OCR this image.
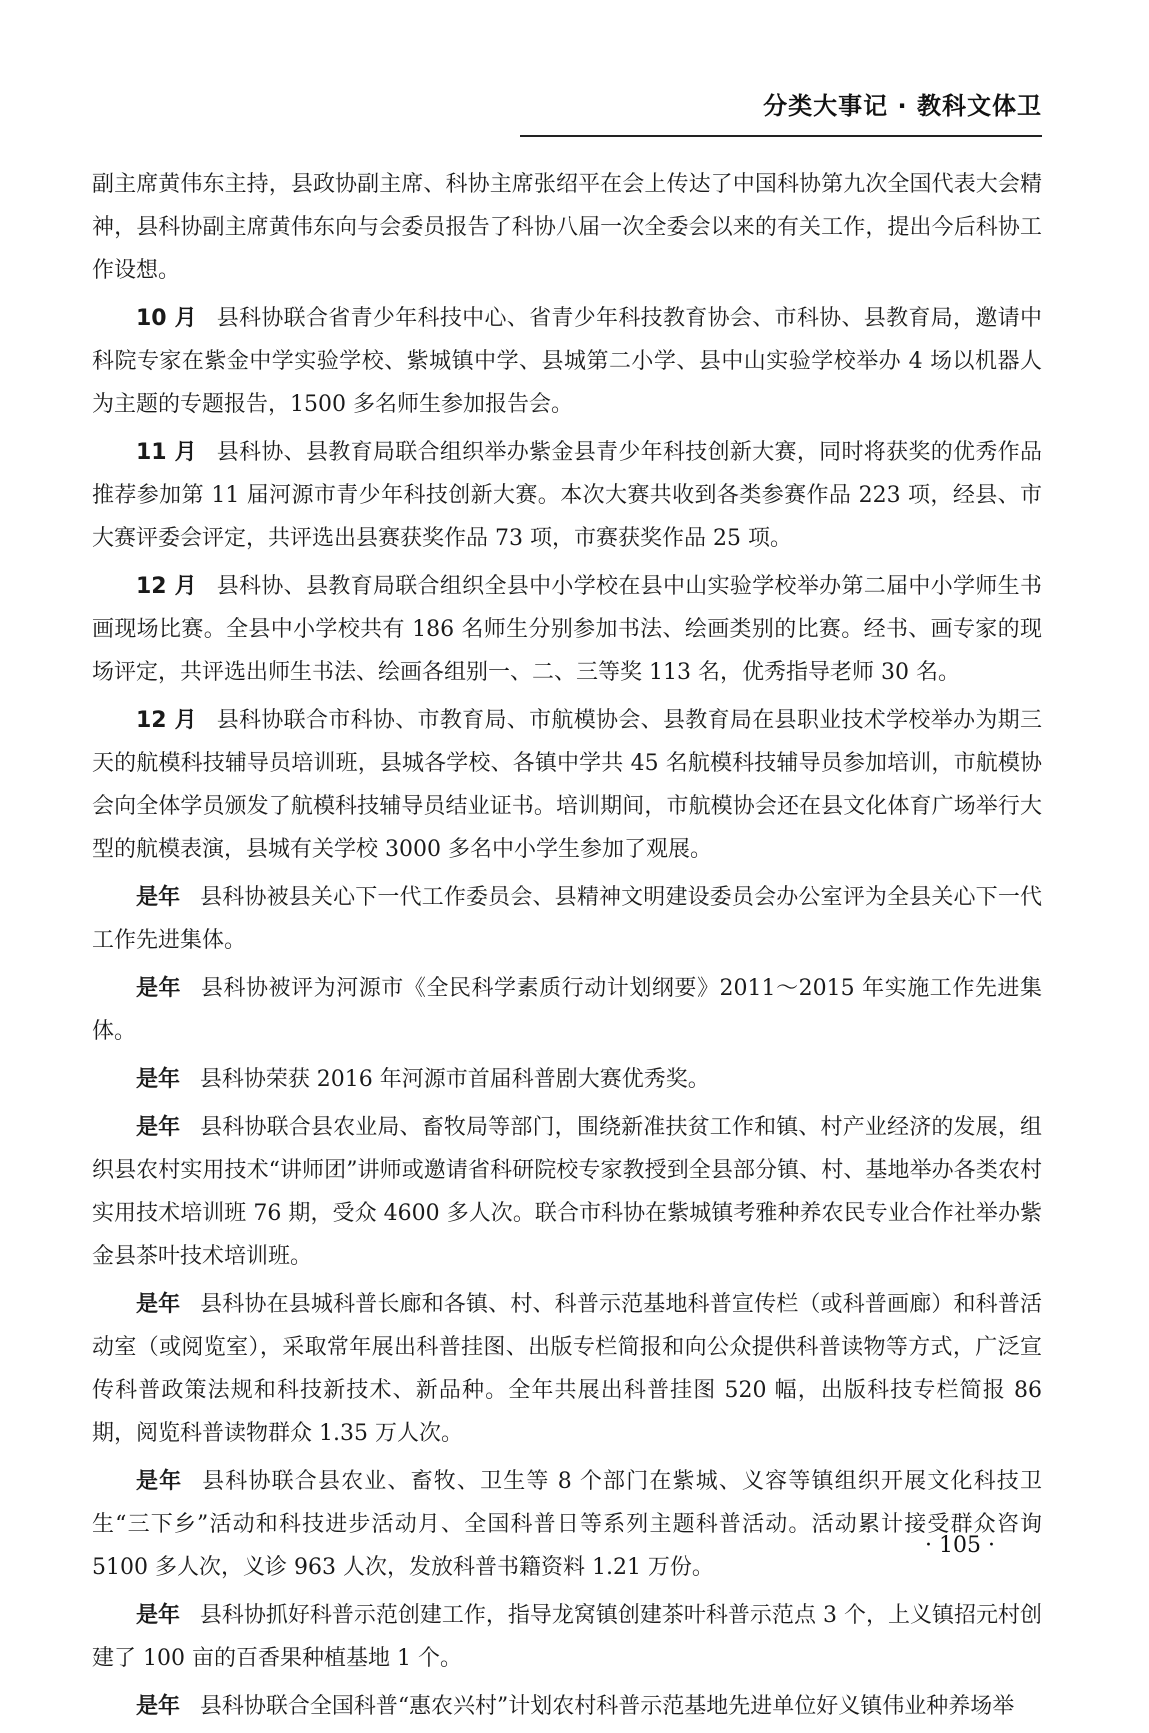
分类大事记 · 教科文体卫

副主席黄伟东主持，县政协副主席、科协主席张绍平在会上传达了中国科协第九次全国代表大会精神，县科协副主席黄伟东向与会委员报告了科协八届一次全委会以来的有关工作，提出今后科协工作设想。

10 月 县科协联合省青少年科技中心、省青少年科技教育协会、市科协、县教育局，邀请中科院专家在紫金中学实验学校、紫城镇中学、县城第二小学、县中山实验学校举办 4 场以机器人为主题的专题报告，1500 多名师生参加报告会。

11 月 县科协、县教育局联合组织举办紫金县青少年科技创新大赛，同时将获奖的优秀作品推荐参加第 11 届河源市青少年科技创新大赛。本次大赛共收到各类参赛作品 223 项，经县、市大赛评委会评定，共评选出县赛获奖作品 73 项，市赛获奖作品 25 项。

12 月 县科协、县教育局联合组织全县中小学校在县中山实验学校举办第二届中小学师生书画现场比赛。全县中小学校共有 186 名师生分别参加书法、绘画类别的比赛。经书、画专家的现场评定，共评选出师生书法、绘画各组别一、二、三等奖 113 名，优秀指导老师 30 名。

12 月 县科协联合市科协、市教育局、市航模协会、县教育局在县职业技术学校举办为期三天的航模科技辅导员培训班，县城各学校、各镇中学共 45 名航模科技辅导员参加培训，市航模协会向全体学员颁发了航模科技辅导员结业证书。培训期间，市航模协会还在县文化体育广场举行大型的航模表演，县城有关学校 3000 多名中小学生参加了观展。

是年 县科协被县关心下一代工作委员会、县精神文明建设委员会办公室评为全县关心下一代工作先进集体。

是年 县科协被评为河源市《全民科学素质行动计划纲要》2011～2015 年实施工作先进集体。

是年 县科协荣获 2016 年河源市首届科普剧大赛优秀奖。

是年 县科协联合县农业局、畜牧局等部门，围绕新准扶贫工作和镇、村产业经济的发展，组织县农村实用技术“讲师团”讲师或邀请省科研院校专家教授到全县部分镇、村、基地举办各类农村实用技术培训班 76 期，受众 4600 多人次。联合市科协在紫城镇考雅种养农民专业合作社举办紫金县茶叶技术培训班。

是年 县科协在县城科普长廊和各镇、村、科普示范基地科普宣传栏（或科普画廊）和科普活动室（或阅览室），采取常年展出科普挂图、出版专栏简报和向公众提供科普读物等方式，广泛宣传科普政策法规和科技新技术、新品种。全年共展出科普挂图 520 幅，出版科技专栏简报 86 期，阅览科普读物群众 1.35 万人次。

是年 县科协联合县农业、畜牧、卫生等 8 个部门在紫城、义容等镇组织开展文化科技卫生“三下乡”活动和科技进步活动月、全国科普日等系列主题科普活动。活动累计接受群众咨询 5100 多人次，义诊 963 人次，发放科普书籍资料 1.21 万份。

是年 县科协抓好科普示范创建工作，指导龙窝镇创建茶叶科普示范点 3 个，上义镇招元村创建了 100 亩的百香果种植基地 1 个。

是年 县科协联合全国科普“惠农兴村”计划农村科普示范基地先进单位好义镇伟业种养场举

· 105 ·
